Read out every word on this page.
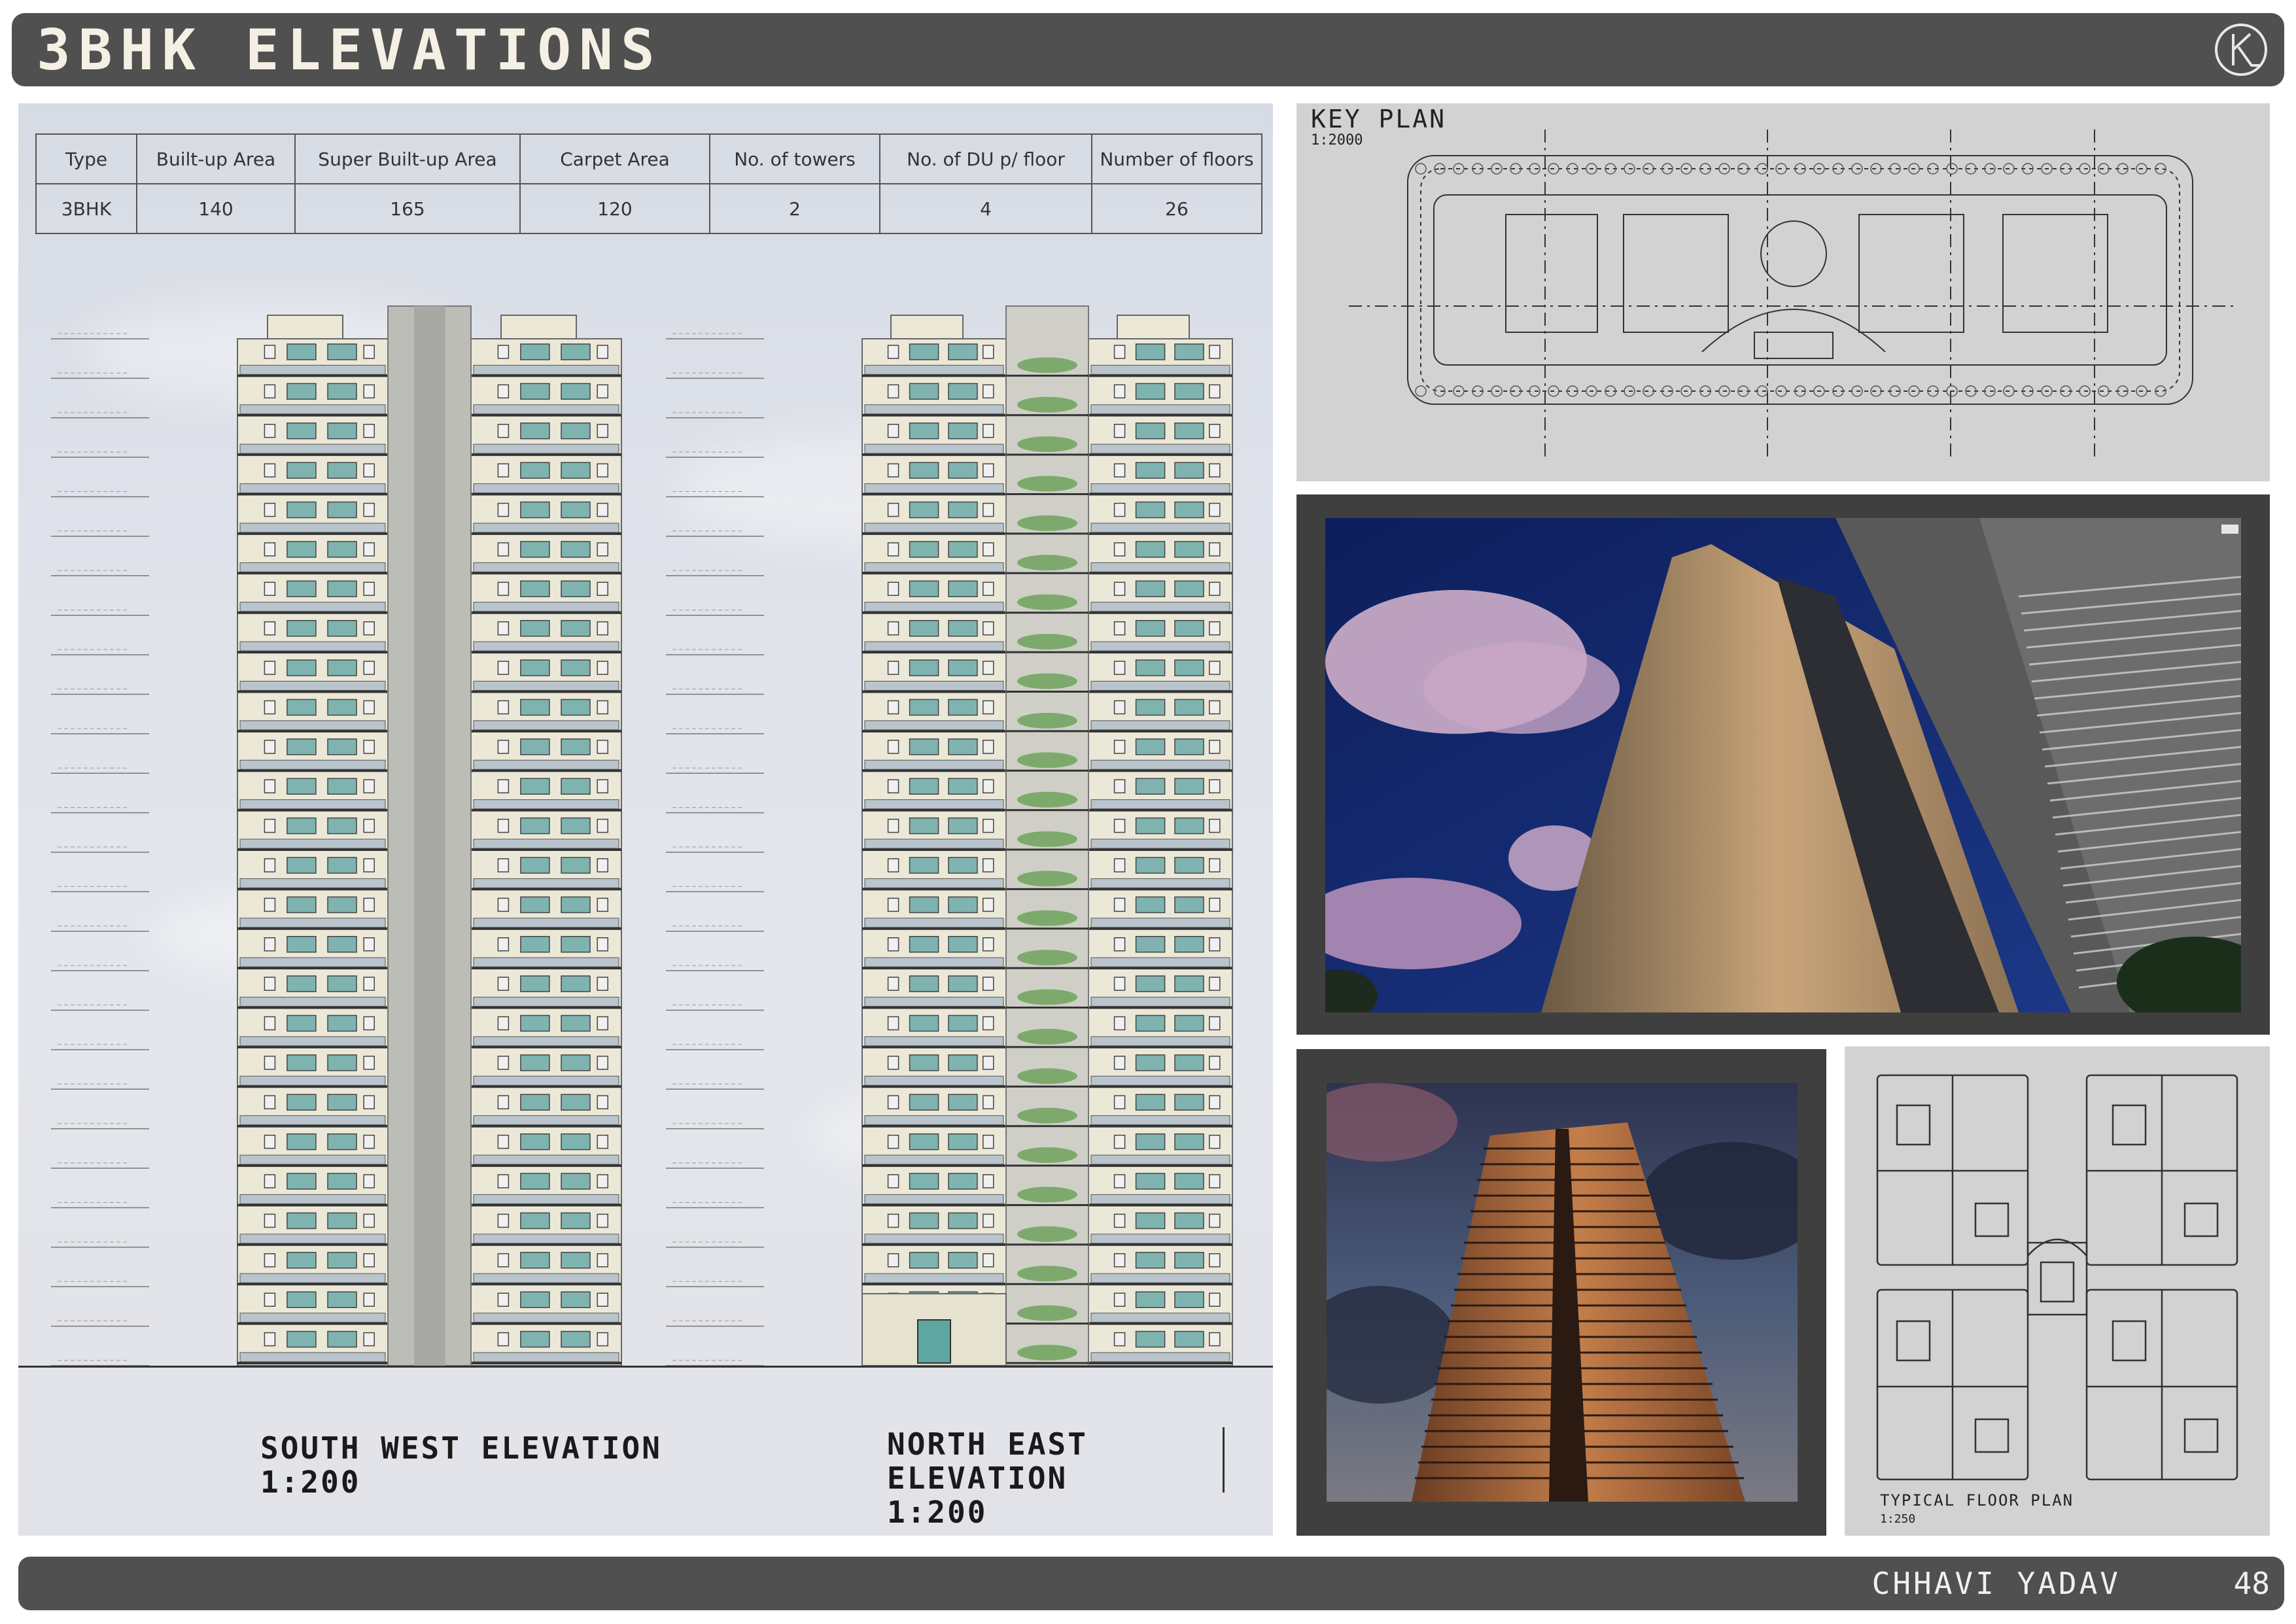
3BHK ELEVATIONS
Type	Built-up Area	Super Built-up Area	Carpet Area	No. of towers	No. of DU p/ floor	Number of floors
3BHK	140	165	120	2	4	26
SOUTH WEST ELEVATION
1:200
NORTH EAST ELEVATION
1:200
KEY PLAN
1:2000
TYPICAL FLOOR PLAN
1:250
CHHAVI YADAV	48
